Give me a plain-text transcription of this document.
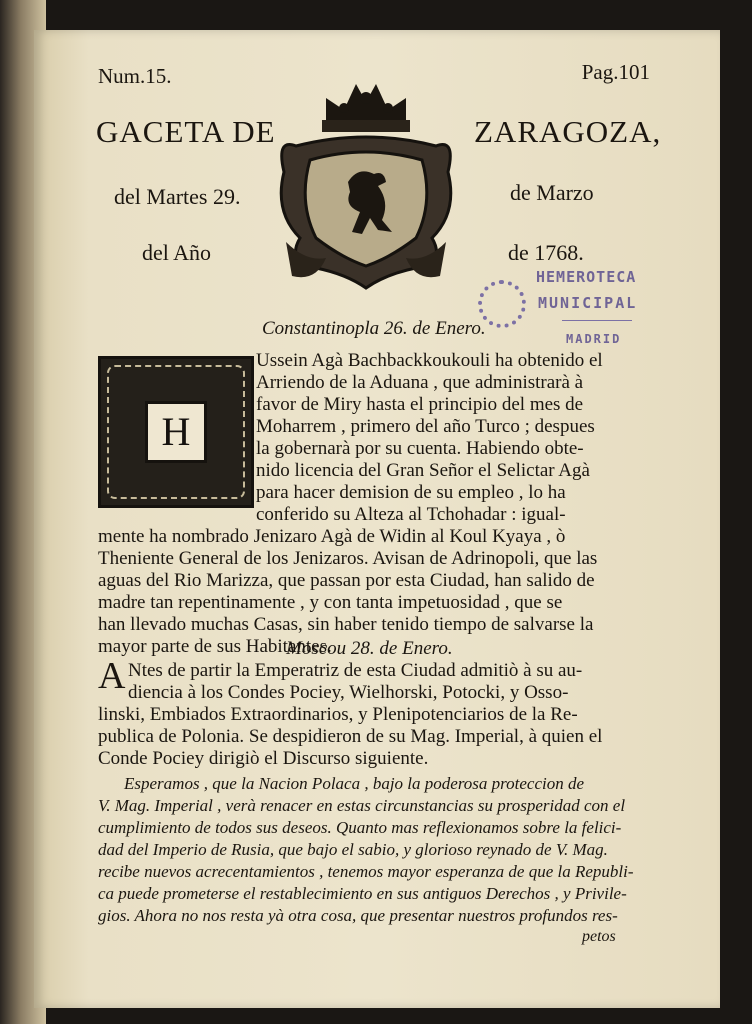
Num.15.	Pag.101
GACETA DE	ZARAGOZA,
del Martes 29.	de Marzo
del Año	de 1768.
HEMEROTECA
MUNICIPAL
MADRID
Constantinopla 26. de Enero.
H
Ussein Agà Bachbackkoukouli ha obtenido el
Arriendo de la Aduana , que administrarà à
favor de Miry hasta el principio del mes de
Moharrem , primero del año Turco ; despues
la gobernarà por su cuenta. Habiendo obte-
nido licencia del Gran Señor el Selictar Agà
para hacer demision de su empleo , lo ha
conferido su Alteza al Tchohadar : igual-
mente ha nombrado Jenizaro Agà de Widin al Koul Kyaya , ò
Theniente General de los Jenizaros. Avisan de Adrinopoli, que las
aguas del Rio Marizza, que passan por esta Ciudad, han salido de
madre tan repentinamente , y con tanta impetuosidad , que se
han llevado muchas Casas, sin haber tenido tiempo de salvarse la
mayor parte de sus Habitantes.
Moscou 28. de Enero.
A Ntes de partir la Emperatriz de esta Ciudad admitiò à su au-
diencia à los Condes Pociey, Wielhorski, Potocki, y Osso-
linski, Embiados Extraordinarios, y Plenipotenciarios de la Re-
publica de Polonia. Se despidieron de su Mag. Imperial, à quien el
Conde Pociey dirigiò el Discurso siguiente.
Esperamos , que la Nacion Polaca , bajo la poderosa proteccion de
V. Mag. Imperial , verà renacer en estas circunstancias su prosperidad con el
cumplimiento de todos sus deseos. Quanto mas reflexionamos sobre la felici-
dad del Imperio de Rusia, que bajo el sabio, y glorioso reynado de V. Mag.
recibe nuevos acrecentamientos , tenemos mayor esperanza de que la Republi-
ca puede prometerse el restablecimiento en sus antiguos Derechos , y Privile-
gios. Ahora no nos resta yà otra cosa, que presentar nuestros profundos res-
petos
